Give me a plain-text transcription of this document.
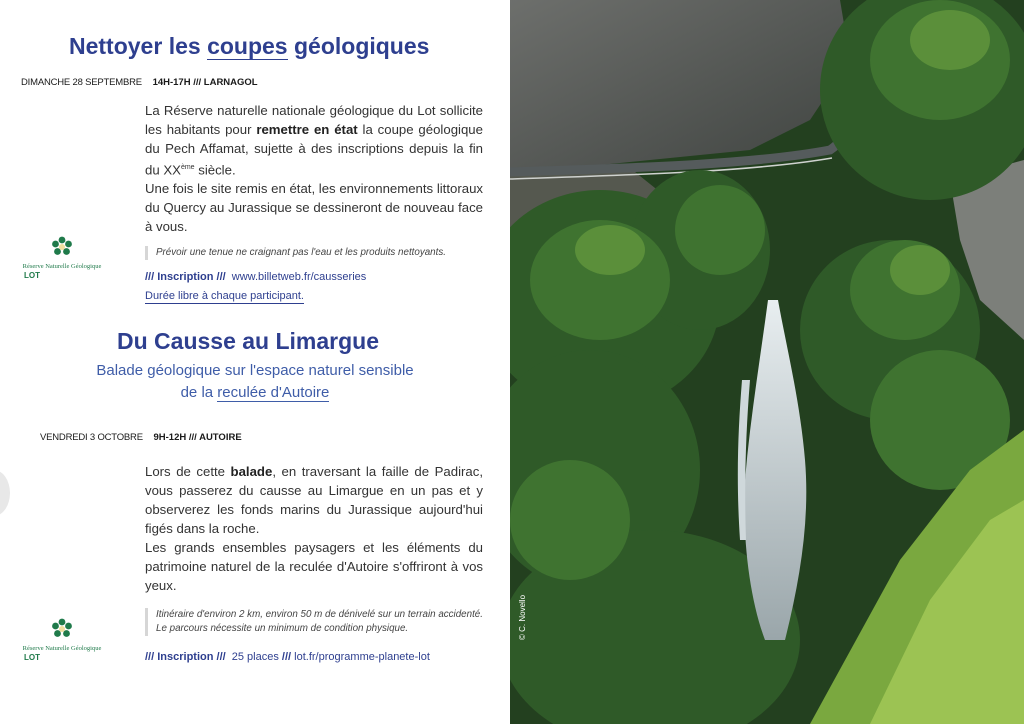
Nettoyer les coupes géologiques
DIMANCHE 28 SEPTEMBRE 14H-17H /// LARNAGOL

La Réserve naturelle nationale géologique du Lot sollicite les habitants pour remettre en état la coupe géologique du Pech Affamat, sujette à des inscriptions depuis la fin du XXème siècle.

Une fois le site remis en état, les environnements littoraux du Quercy au Jurassique se dessineront de nouveau face à vous.

Réserve Naturelle Géologique
LOT
Prévoir une tenue ne craignant pas l'eau et les produits nettoyants.
/// Inscription /// www.billetweb.fr/causseries
Durée libre à chaque participant.
Du Causse au Limargue
Balade géologique sur l'espace naturel sensible
de la reculée d'Autoire
VENDREDI 3 OCTOBRE 9H-12H /// AUTOIRE

Lors de cette balade, en traversant la faille de Padirac, vous passerez du causse au Limargue en un pas et y observerez les fonds marins du Jurassique aujourd'hui figés dans la roche.

Les grands ensembles paysagers et les éléments du patrimoine naturel de la reculée d'Autoire s'offriront à vos yeux.

Réserve Naturelle Géologique
LOT
Itinéraire d'environ 2 km, environ 50 m de dénivelé sur un terrain accidenté. Le parcours nécessite un minimum de condition physique.
/// Inscription /// 25 places /// lot.fr/programme-planete-lot
© C. Novello
